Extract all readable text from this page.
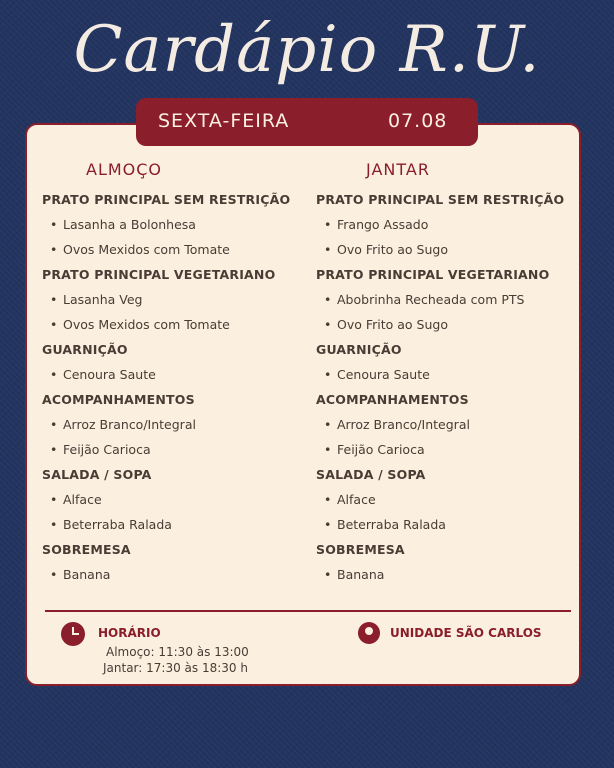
Cardápio R.U.
SEXTA-FEIRA	07.08
ALMOÇO
PRATO PRINCIPAL SEM RESTRIÇÃO
• Lasanha a Bolonhesa
• Ovos Mexidos com Tomate
PRATO PRINCIPAL VEGETARIANO
• Lasanha Veg
• Ovos Mexidos com Tomate
GUARNIÇÃO
• Cenoura Saute
ACOMPANHAMENTOS
• Arroz Branco/Integral
• Feijão Carioca
SALADA / SOPA
• Alface
• Beterraba Ralada
SOBREMESA
• Banana
JANTAR
PRATO PRINCIPAL SEM RESTRIÇÃO
• Frango Assado
• Ovo Frito ao Sugo
PRATO PRINCIPAL VEGETARIANO
• Abobrinha Recheada com PTS
• Ovo Frito ao Sugo
GUARNIÇÃO
• Cenoura Saute
ACOMPANHAMENTOS
• Arroz Branco/Integral
• Feijão Carioca
SALADA / SOPA
• Alface
• Beterraba Ralada
SOBREMESA
• Banana
HORÁRIO
Almoço: 11:30 às 13:00
Jantar: 17:30 às 18:30 h
UNIDADE SÃO CARLOS
